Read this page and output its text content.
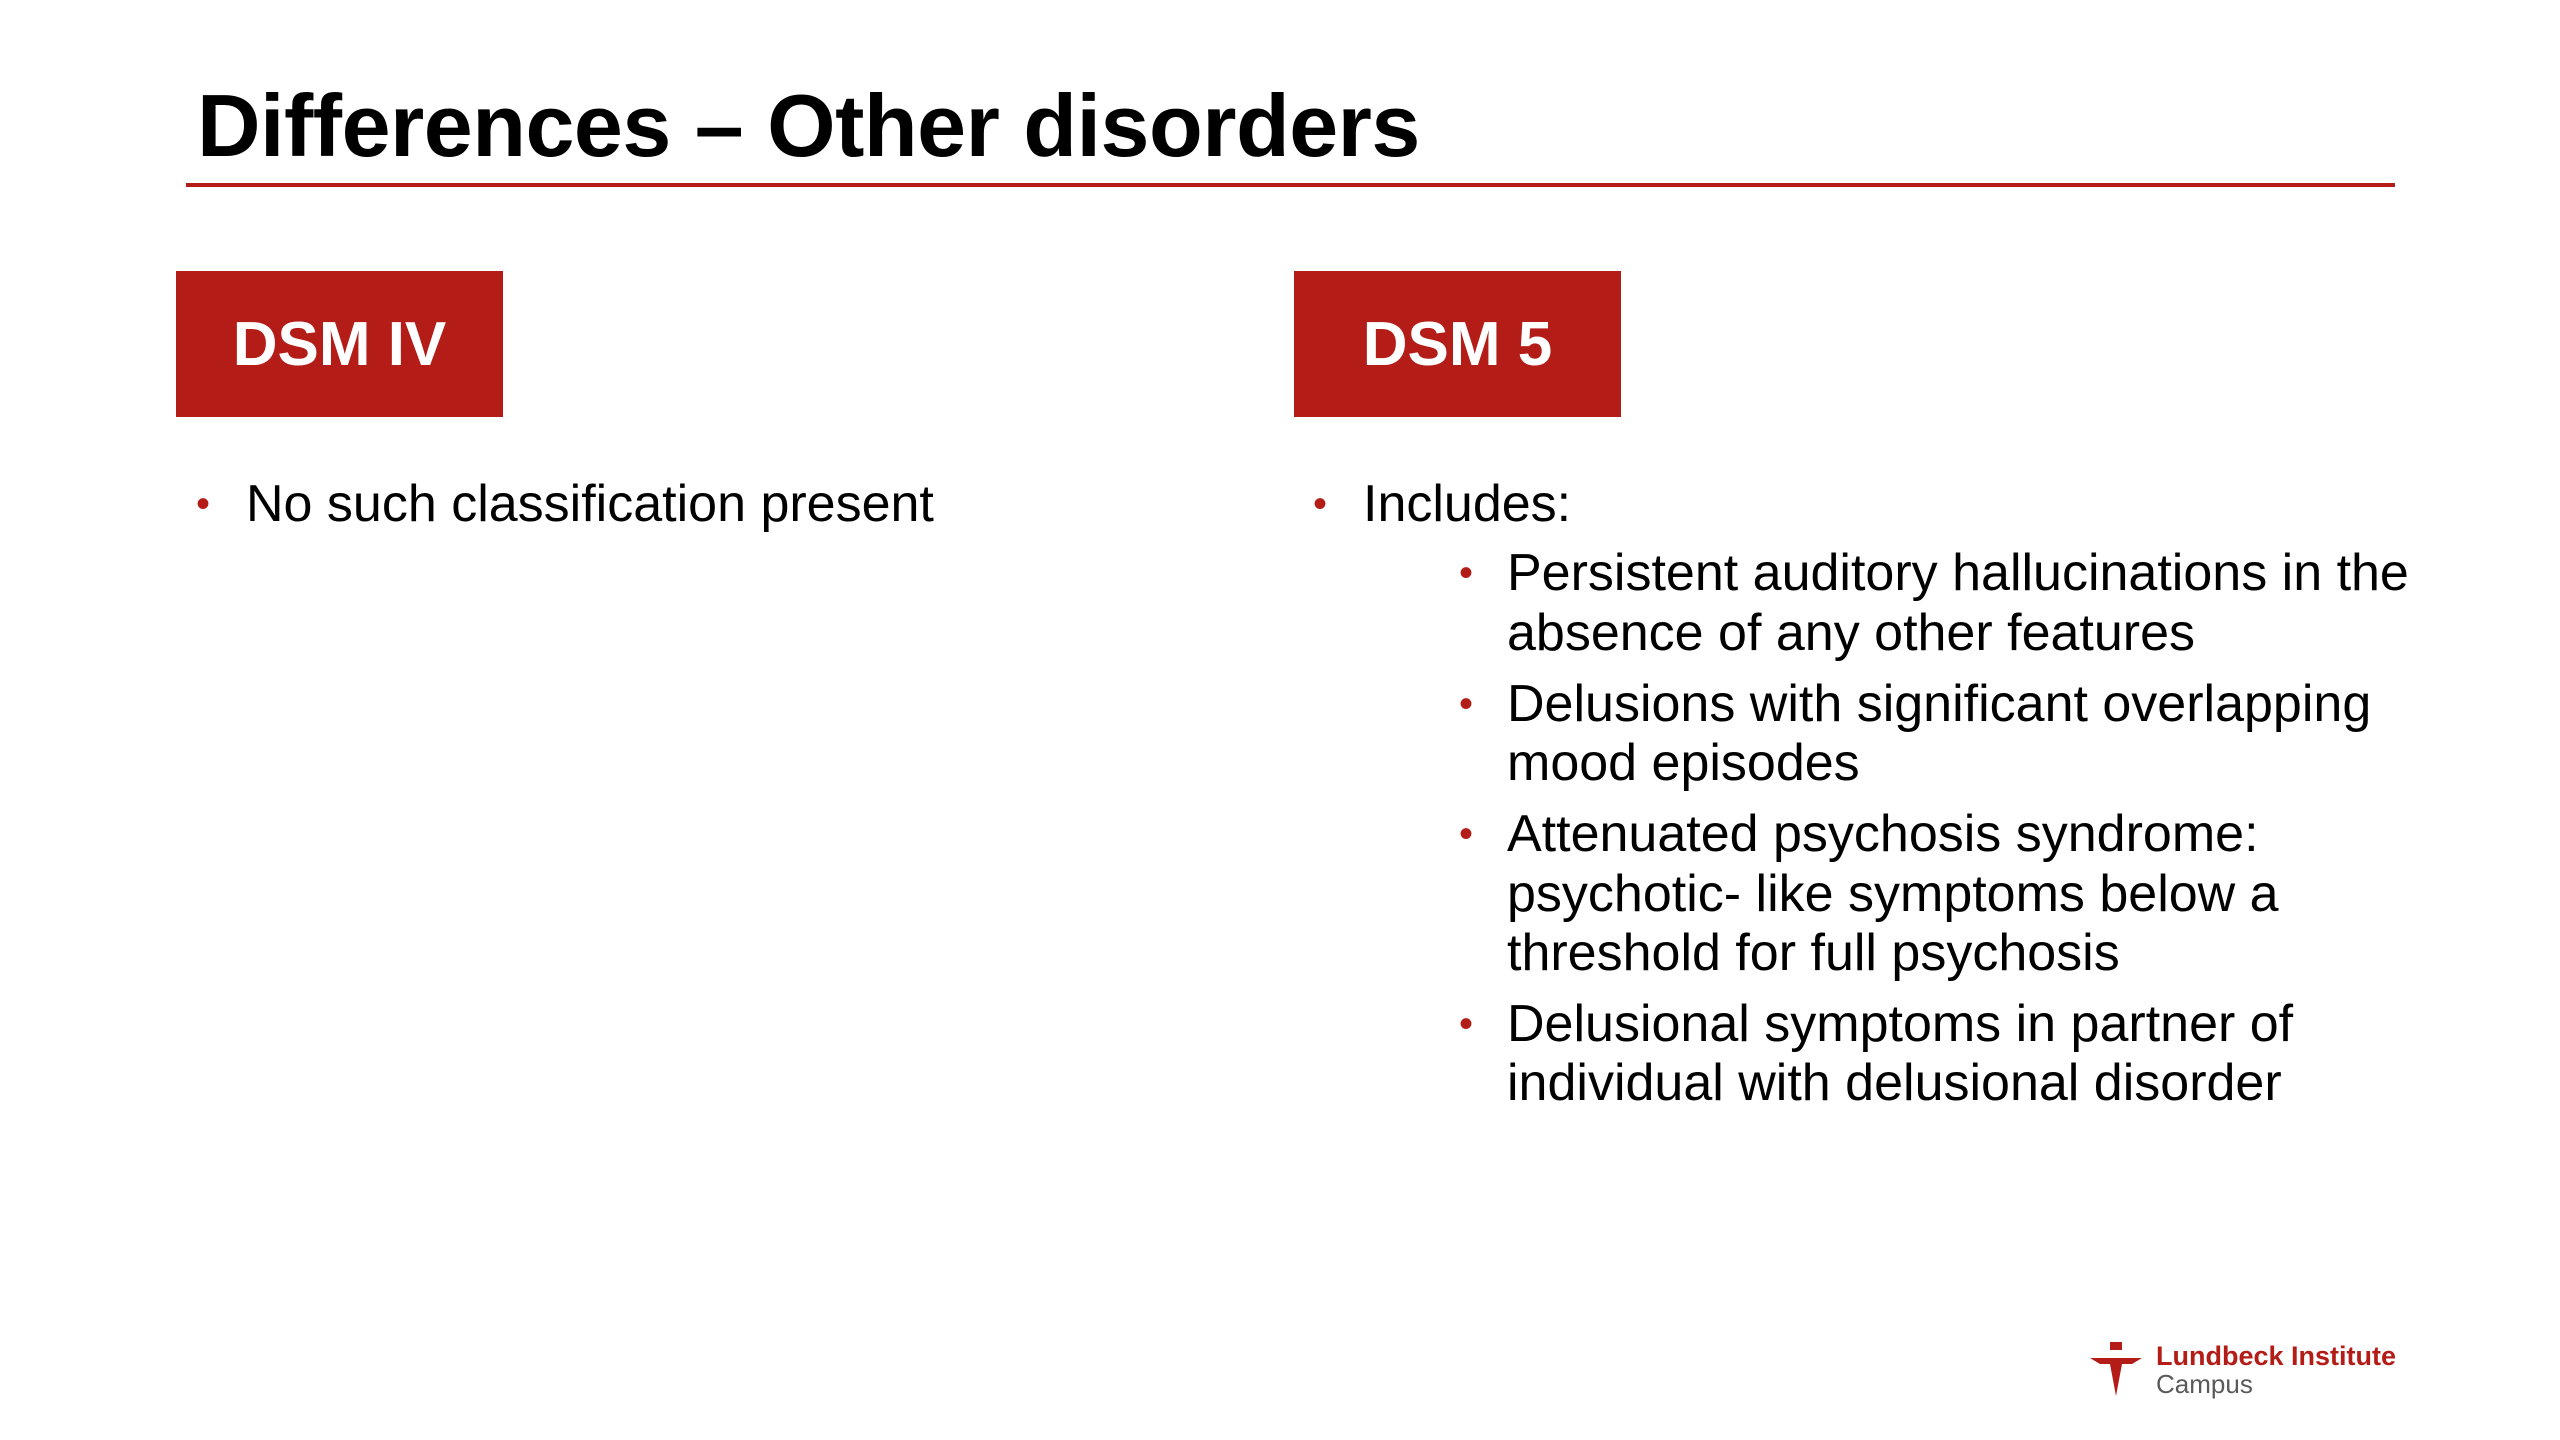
Differences – Other disorders
DSM IV	DSM 5
• No such classification present	• Includes:
• Persistent auditory hallucinations in the absence of any other features
• Delusions with significant overlapping mood episodes
• Attenuated psychosis syndrome: psychotic- like symptoms below a threshold for full psychosis
• Delusional symptoms in partner of individual with delusional disorder
Lundbeck Institute
Campus
